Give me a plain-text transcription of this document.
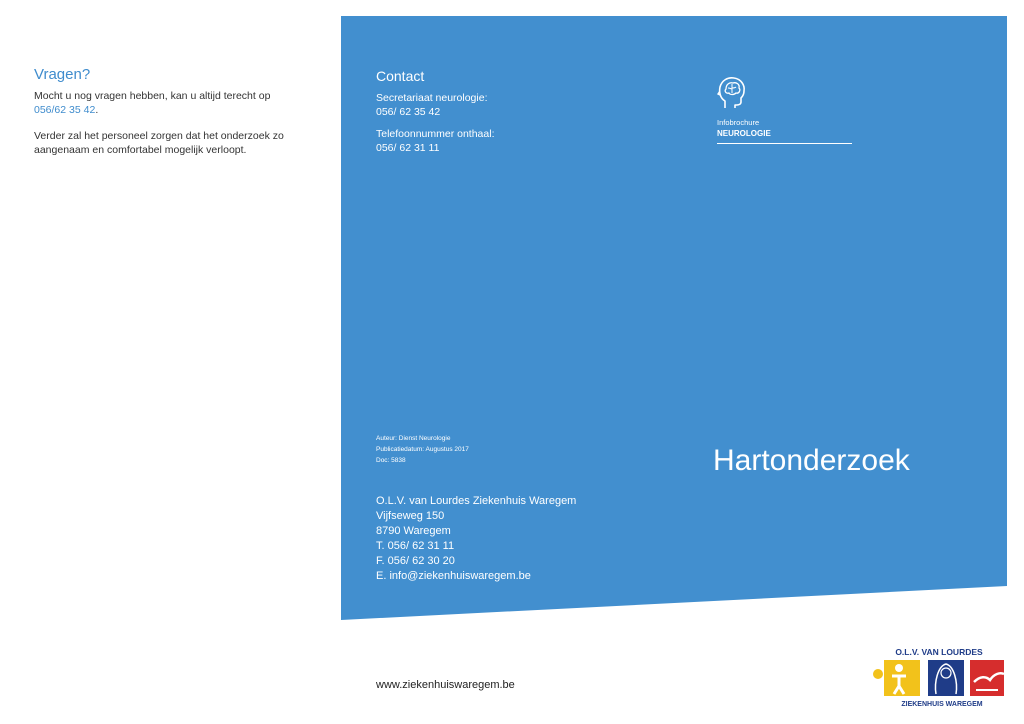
Vragen?

Mocht u nog vragen hebben, kan u altijd terecht op 056/62 35 42.

Verder zal het personeel zorgen dat het onderzoek zo aangenaam en comfortabel mogelijk verloopt.

Contact

Secretariaat neurologie:
056/ 62 35 42

Telefoonnummer onthaal:
056/ 62 31 11

Infobrochure
NEUROLOGIE
Auteur: Dienst Neurologie
Publicatiedatum: Augustus 2017
Doc: 5838	Hartonderzoek
O.L.V. van Lourdes Ziekenhuis Waregem
Vijfseweg 150
8790 Waregem
T. 056/ 62 31 11
F. 056/ 62 30 20
E. info@ziekenhuiswaregem.be
www.ziekenhuiswaregem.be
O.L.V. VAN LOURDES
ZIEKENHUIS WAREGEM
